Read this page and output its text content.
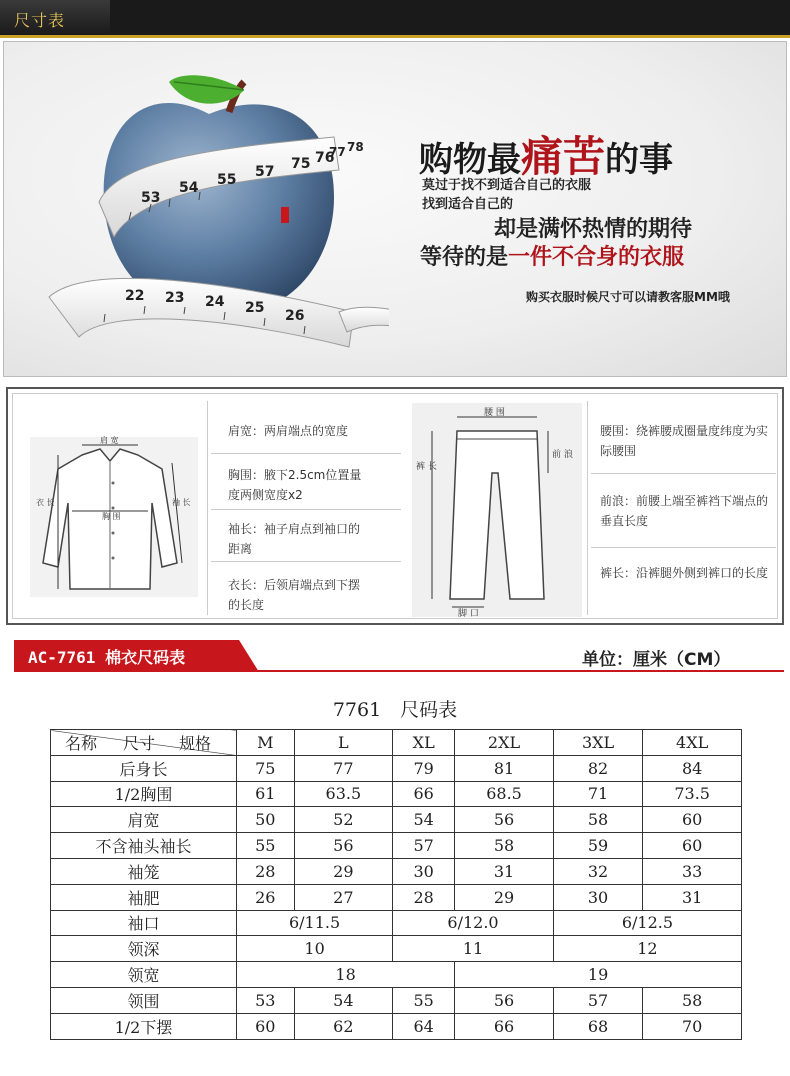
尺寸表
53
54 55 57 75 76
22 23 24 25 26
77 78 购物最痛苦的事
莫过于找不到适合自己的衣服
找到适合自己的
却是满怀热情的期待
等待的是一件不合身的衣服
购买衣服时候尺寸可以请教客服MM哦
肩 宽
胸 围
衣 长	袖 长
肩宽：两肩端点的宽度
胸围：腋下2.5cm位置量度两侧宽度x2
袖长：袖子肩点到袖口的距离
衣长：后领肩端点到下摆的长度
腰 围
前 浪
裤 长
脚 口
腰围：绕裤腰成圈量度纬度为实际腰围
前浪：前腰上端至裤裆下端点的垂直长度
裤长：沿裤腿外侧到裤口的长度
AC-7761 棉衣尺码表	单位：厘米（CM）
7761　尺码表
名称 尺寸 规格	M	L	XL	2XL	3XL	4XL
后身长	75	77	79	81	82	84
1/2胸围	61	63.5	66	68.5	71	73.5
肩宽	50	52	54	56	58	60
不含袖头袖长	55	56	57	58	59	60
袖笼	28	29	30	31	32	33
袖肥	26	27	28	29	30	31
袖口	6/11.5		6/12.0		6/12.5	
领深	10		11		12	
领宽	18			19		
领围	53	54	55	56	57	58
1/2下摆	60	62	64	66	68	70
